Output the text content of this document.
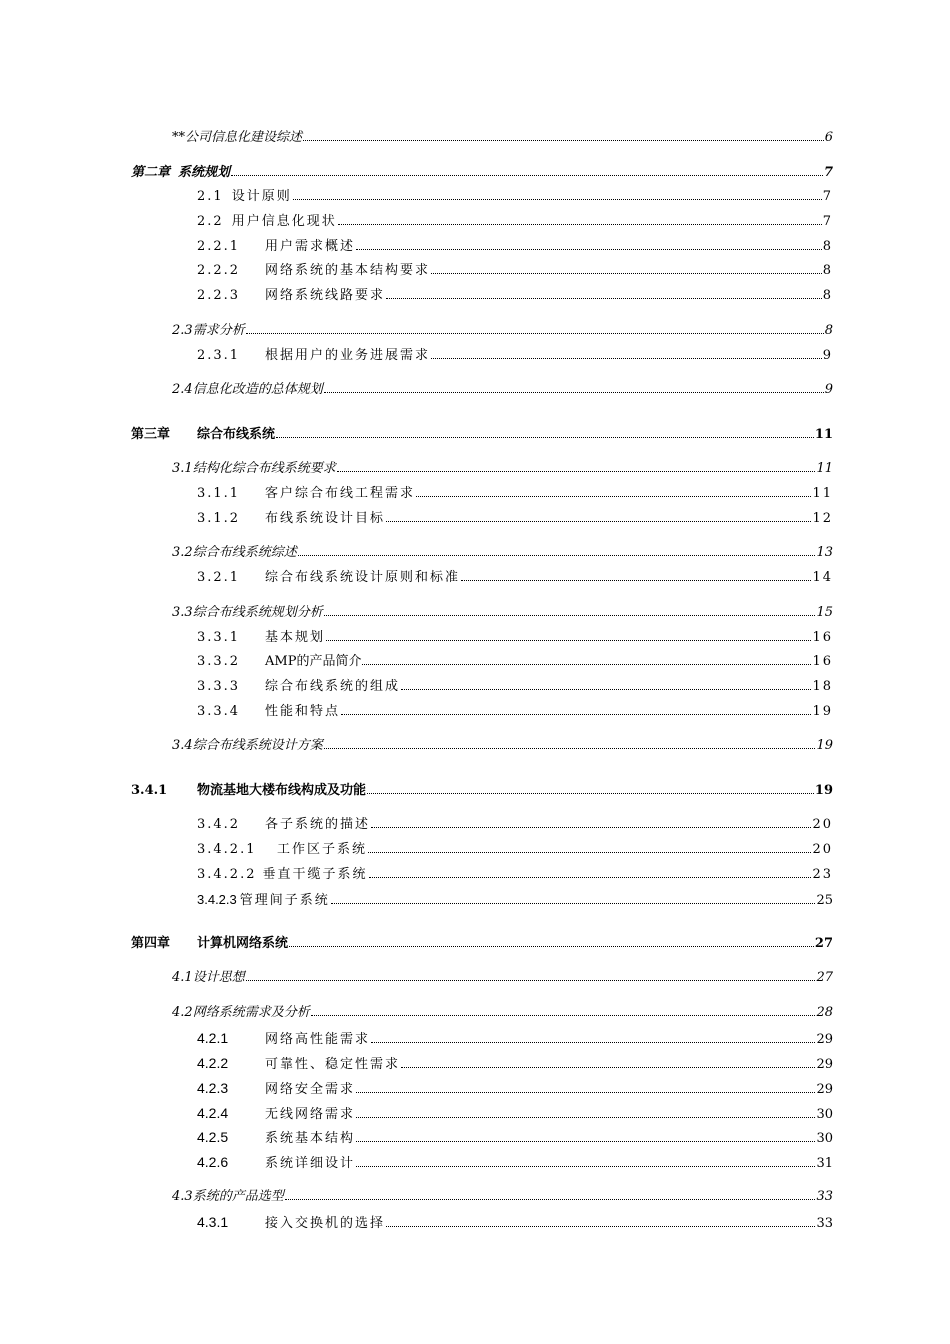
** 公司信息化建设综述	6
第二章 系统规划	7
2.1 设计原则	7
2.2 用户信息化现状	7
2.2.1	用户需求概述	8
2.2.2	网络系统的基本结构要求	8
2.2.3	网络系统线路要求	8
2.3 需求分析	8
2.3.1	根据用户的业务进展需求	9
2.4 信息化改造的总体规划	9
第三章	综合布线系统	11
3.1 结构化综合布线系统要求	11
3.1.1	客户综合布线工程需求	11
3.1.2	布线系统设计目标	12
3.2 综合布线系统综述	13
3.2.1	综合布线系统设计原则和标准	14
3.3 综合布线系统规划分析	15
3.3.1	基本规划	16
3.3.2	AMP的产品简介	16
3.3.3	综合布线系统的组成	18
3.3.4	性能和特点	19
3.4 综合布线系统设计方案	19
3.4.1	物流基地大楼布线构成及功能	19
3.4.2	各子系统的描述	20
3.4.2.1	工作区子系统	20
3.4.2.2 垂直干缆子系统	23
3.4.2.3 管理间子系统	25
第四章	计算机网络系统	27
4.1 设计思想	27
4.2 网络系统需求及分析	28
4.2.1	网络高性能需求	29
4.2.2	可靠性、稳定性需求	29
4.2.3	网络安全需求	29
4.2.4	无线网络需求	30
4.2.5	系统基本结构	30
4.2.6	系统详细设计	31
4.3 系统的产品选型	33
4.3.1	接入交换机的选择	33
